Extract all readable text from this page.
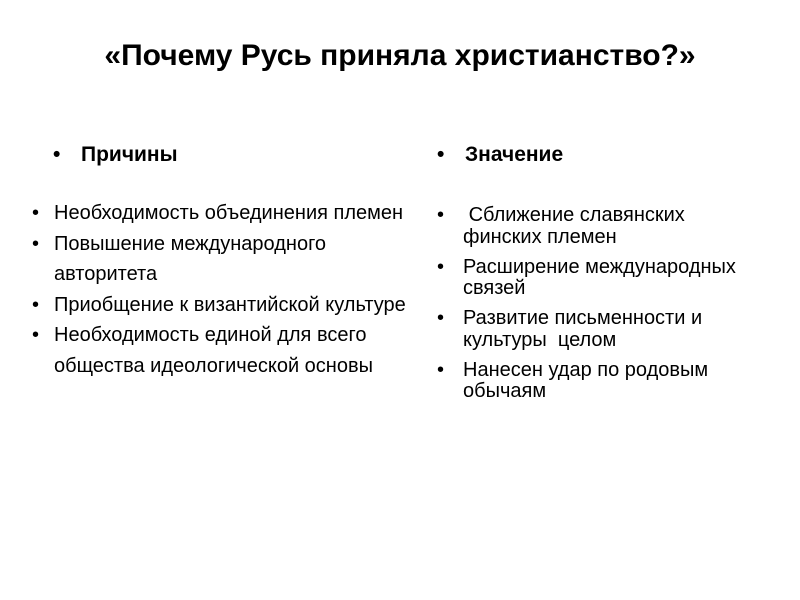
«Почему Русь приняла христианство?»
• Причины	• Значение
• Необходимость объединения племен
• Повышение международного авторитета
• Приобщение к византийской культуре
• Необходимость единой для всего общества идеологической основы
• Сближение славянских  финских племен
• Расширение международных связей
• Развитие письменности и культуры  целом
• Нанесен удар по родовым обычаям
